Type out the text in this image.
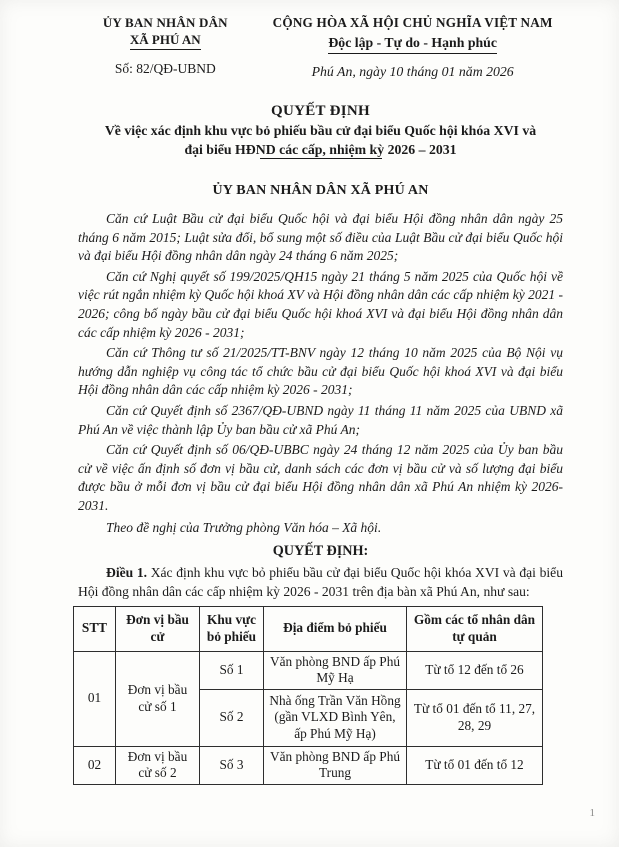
ỦY BAN NHÂN DÂN
XÃ PHÚ AN
Số: 82/QĐ-UBND
CỘNG HÒA XÃ HỘI CHỦ NGHĨA VIỆT NAM
Độc lập - Tự do - Hạnh phúc
Phú An, ngày 10 tháng 01 năm 2026
QUYẾT ĐỊNH
Về việc xác định khu vực bỏ phiếu bầu cử đại biểu Quốc hội khóa XVI và
đại biểu HĐND các cấp, nhiệm kỳ 2026 – 2031
ỦY BAN NHÂN DÂN XÃ PHÚ AN

Căn cứ Luật Bầu cử đại biểu Quốc hội và đại biểu Hội đồng nhân dân ngày 25 tháng 6 năm 2015; Luật sửa đổi, bổ sung một số điều của Luật Bầu cử đại biểu Quốc hội và đại biểu Hội đồng nhân dân ngày 24 tháng 6 năm 2025;

Căn cứ Nghị quyết số 199/2025/QH15 ngày 21 tháng 5 năm 2025 của Quốc hội về việc rút ngắn nhiệm kỳ Quốc hội khoá XV và Hội đồng nhân dân các cấp nhiệm kỳ 2021 - 2026; công bố ngày bầu cử đại biểu Quốc hội khoá XVI và đại biểu Hội đồng nhân dân các cấp nhiệm kỳ 2026 - 2031;

Căn cứ Thông tư số 21/2025/TT-BNV ngày 12 tháng 10 năm 2025 của Bộ Nội vụ hướng dẫn nghiệp vụ công tác tổ chức bầu cử đại biểu Quốc hội khoá XVI và đại biểu Hội đồng nhân dân các cấp nhiệm kỳ 2026 - 2031;

Căn cứ Quyết định số 2367/QĐ-UBND ngày 11 tháng 11 năm 2025 của UBND xã Phú An về việc thành lập Ủy ban bầu cử xã Phú An;

Căn cứ Quyết định số 06/QĐ-UBBC ngày 24 tháng 12 năm 2025 của Ủy ban bầu cử về việc ấn định số đơn vị bầu cử, danh sách các đơn vị bầu cử và số lượng đại biểu được bầu ở mỗi đơn vị bầu cử đại biểu Hội đồng nhân dân xã Phú An nhiệm kỳ 2026-2031.

Theo đề nghị của Trưởng phòng Văn hóa – Xã hội.

QUYẾT ĐỊNH:

Điều 1. Xác định khu vực bỏ phiếu bầu cử đại biểu Quốc hội khóa XVI và đại biểu Hội đồng nhân dân các cấp nhiệm kỳ 2026 - 2031 trên địa bàn xã Phú An, như sau:

STT	Đơn vị bầu cử	Khu vực bỏ phiếu	Địa điểm bỏ phiếu	Gồm các tổ nhân dân tự quản
01	Đơn vị bầu cử số 1	Số 1	Văn phòng BND ấp Phú Mỹ Hạ	Từ tổ 12 đến tổ 26
		Số 2	Nhà ống Trần Văn Hồng (gần VLXD Bình Yên, ấp Phú Mỹ Hạ)	Từ tổ 01 đến tổ 11, 27, 28, 29
02	Đơn vị bầu cử số 2	Số 3	Văn phòng BND ấp Phú Trung	Từ tổ 01 đến tổ 12
1
